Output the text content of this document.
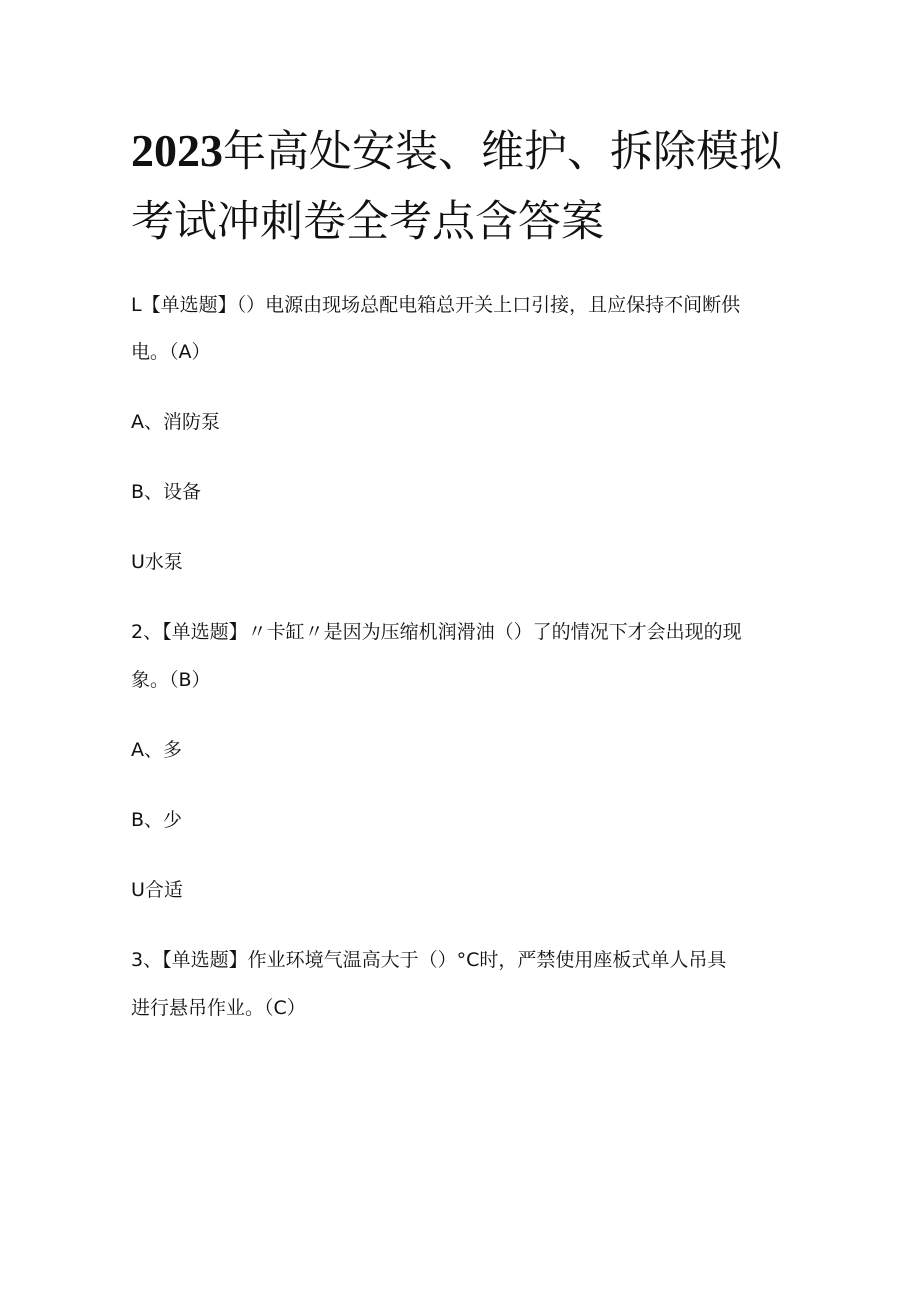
2023年高处安装、维护、拆除模拟
考试冲刺卷全考点含答案

L【单选题】（）电源由现场总配电箱总开关上口引接，且应保持不间断供

电。（A）

A、消防泵

B、设备

U水泵

2、【单选题】〃卡缸〃是因为压缩机润滑油（）了的情况下才会出现的现

象。（B）

A、多

B、少

U合适

3、【单选题】作业环境气温高大于（）°C时，严禁使用座板式单人吊具

进行悬吊作业。（C）
